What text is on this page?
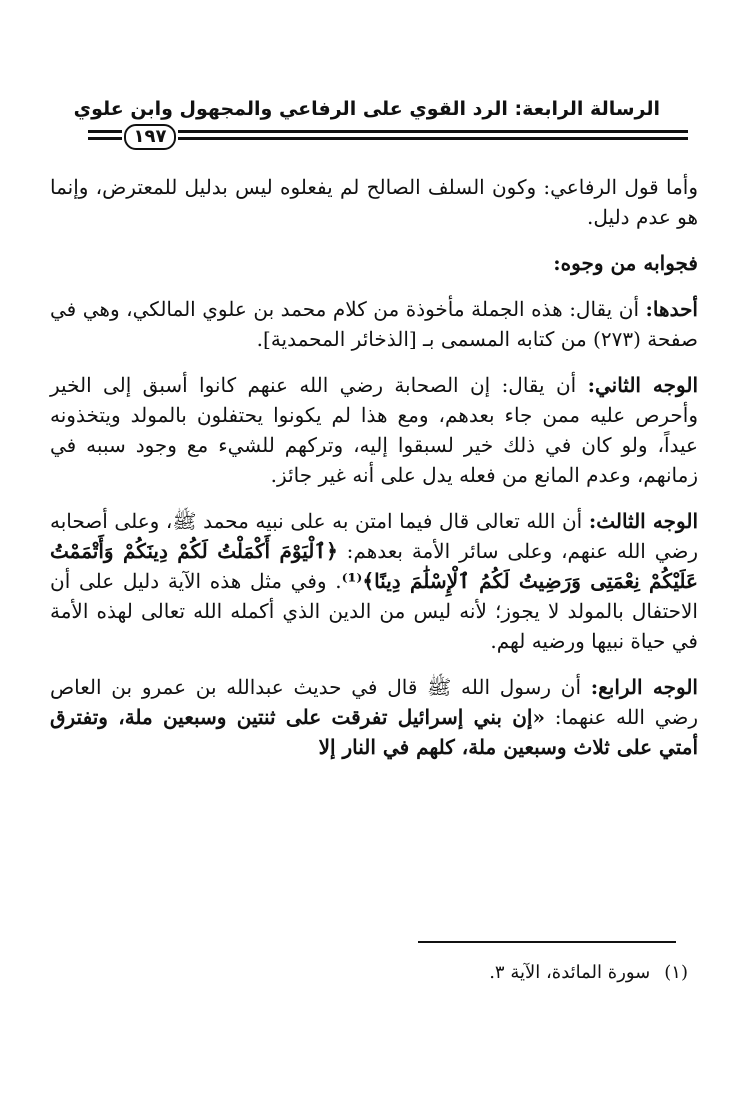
الرسالة الرابعة: الرد القوي على الرفاعي والمجهول وابن علوي
١٩٧

وأما قول الرفاعي: وكون السلف الصالح لم يفعلوه ليس بدليل للمعترض، وإنما هو عدم دليل.

فجوابه من وجوه:

أحدها: أن يقال: هذه الجملة مأخوذة من كلام محمد بن علوي المالكي، وهي في صفحة (٢٧٣) من كتابه المسمى بـ [الذخائر المحمدية].

الوجه الثاني: أن يقال: إن الصحابة رضي الله عنهم كانوا أسبق إلى الخير وأحرص عليه ممن جاء بعدهم، ومع هذا لم يكونوا يحتفلون بالمولد ويتخذونه عيداً، ولو كان في ذلك خير لسبقوا إليه، وتركهم للشيء مع وجود سببه في زمانهم، وعدم المانع من فعله يدل على أنه غير جائز.

الوجه الثالث: أن الله تعالى قال فيما امتن به على نبيه محمد ﷺ، وعلى أصحابه رضي الله عنهم، وعلى سائر الأمة بعدهم: ﴿ٱلْيَوْمَ أَكْمَلْتُ لَكُمْ دِينَكُمْ وَأَتْمَمْتُ عَلَيْكُمْ نِعْمَتِى وَرَضِيتُ لَكُمُ ٱلْإِسْلَٰمَ دِينًا﴾⁽¹⁾. وفي مثل هذه الآية دليل على أن الاحتفال بالمولد لا يجوز؛ لأنه ليس من الدين الذي أكمله الله تعالى لهذه الأمة في حياة نبيها ورضيه لهم.

الوجه الرابع: أن رسول الله ﷺ قال في حديث عبدالله بن عمرو بن العاص رضي الله عنهما: «إن بني إسرائيل تفرقت على ثنتين وسبعين ملة، وتفترق أمتي على ثلاث وسبعين ملة، كلهم في النار إلا

(١)سورة المائدة، الآية ٣.
